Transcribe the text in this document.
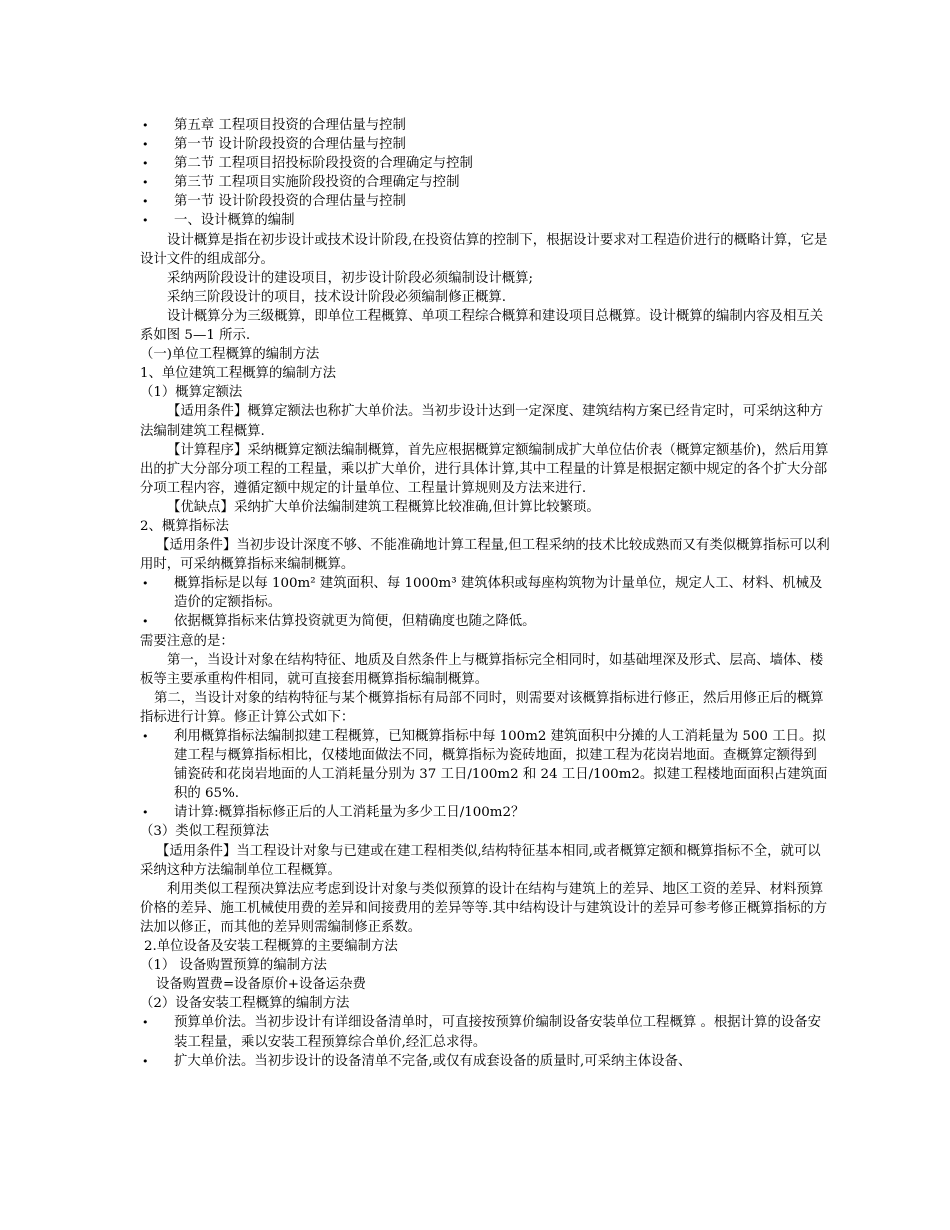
• 第五章 工程项目投资的合理估量与控制

• 第一节 设计阶段投资的合理估量与控制

• 第二节 工程项目招投标阶段投资的合理确定与控制

• 第三节 工程项目实施阶段投资的合理确定与控制

• 第一节 设计阶段投资的合理估量与控制

• 一、设计概算的编制

设计概算是指在初步设计或技术设计阶段,在投资估算的控制下，根据设计要求对工程造价进行的概略计算，它是设计文件的组成部分。

采纳两阶段设计的建设项目，初步设计阶段必须编制设计概算;

采纳三阶段设计的项目，技术设计阶段必须编制修正概算.

设计概算分为三级概算，即单位工程概算、单项工程综合概算和建设项目总概算。设计概算的编制内容及相互关系如图 5—1 所示.

（一)单位工程概算的编制方法

1、单位建筑工程概算的编制方法

（1）概算定额法

【适用条件】概算定额法也称扩大单价法。当初步设计达到一定深度、建筑结构方案已经肯定时，可采纳这种方法编制建筑工程概算.

【计算程序】采纳概算定额法编制概算，首先应根据概算定额编制成扩大单位估价表（概算定额基价)，然后用算出的扩大分部分项工程的工程量，乘以扩大单价，进行具体计算,其中工程量的计算是根据定额中规定的各个扩大分部分项工程内容，遵循定额中规定的计量单位、工程量计算规则及方法来进行.

【优缺点】采纳扩大单价法编制建筑工程概算比较准确,但计算比较繁琐。

2、概算指标法

【适用条件】当初步设计深度不够、不能准确地计算工程量,但工程采纳的技术比较成熟而又有类似概算指标可以利用时，可采纳概算指标来编制概算。

• 概算指标是以每 100m² 建筑面积、每 1000m³ 建筑体积或每座构筑物为计量单位，规定人工、材料、机械及造价的定额指标。

• 依据概算指标来估算投资就更为简便，但精确度也随之降低。

需要注意的是：

第一，当设计对象在结构特征、地质及自然条件上与概算指标完全相同时，如基础埋深及形式、层高、墙体、楼板等主要承重构件相同，就可直接套用概算指标编制概算。

第二，当设计对象的结构特征与某个概算指标有局部不同时，则需要对该概算指标进行修正，然后用修正后的概算指标进行计算。修正计算公式如下：

• 利用概算指标法编制拟建工程概算，已知概算指标中每 100m2 建筑面积中分摊的人工消耗量为 500 工日。拟建工程与概算指标相比，仅楼地面做法不同，概算指标为瓷砖地面，拟建工程为花岗岩地面。查概算定额得到铺瓷砖和花岗岩地面的人工消耗量分别为 37 工日/100m2 和 24 工日/100m2。拟建工程楼地面面积占建筑面积的 65%.

• 请计算:概算指标修正后的人工消耗量为多少工日/100m2？

（3）类似工程预算法

【适用条件】当工程设计对象与已建或在建工程相类似,结构特征基本相同,或者概算定额和概算指标不全，就可以采纳这种方法编制单位工程概算。

利用类似工程预决算法应考虑到设计对象与类似预算的设计在结构与建筑上的差异、地区工资的差异、材料预算价格的差异、施工机械使用费的差异和间接费用的差异等等.其中结构设计与建筑设计的差异可参考修正概算指标的方法加以修正，而其他的差异则需编制修正系数。

2.单位设备及安装工程概算的主要编制方法

（1） 设备购置预算的编制方法

设备购置费=设备原价+设备运杂费

（2）设备安装工程概算的编制方法

• 预算单价法。当初步设计有详细设备清单时，可直接按预算价编制设备安装单位工程概算 。根据计算的设备安装工程量，乘以安装工程预算综合单价,经汇总求得。

• 扩大单价法。当初步设计的设备清单不完备,或仅有成套设备的质量时,可采纳主体设备、
